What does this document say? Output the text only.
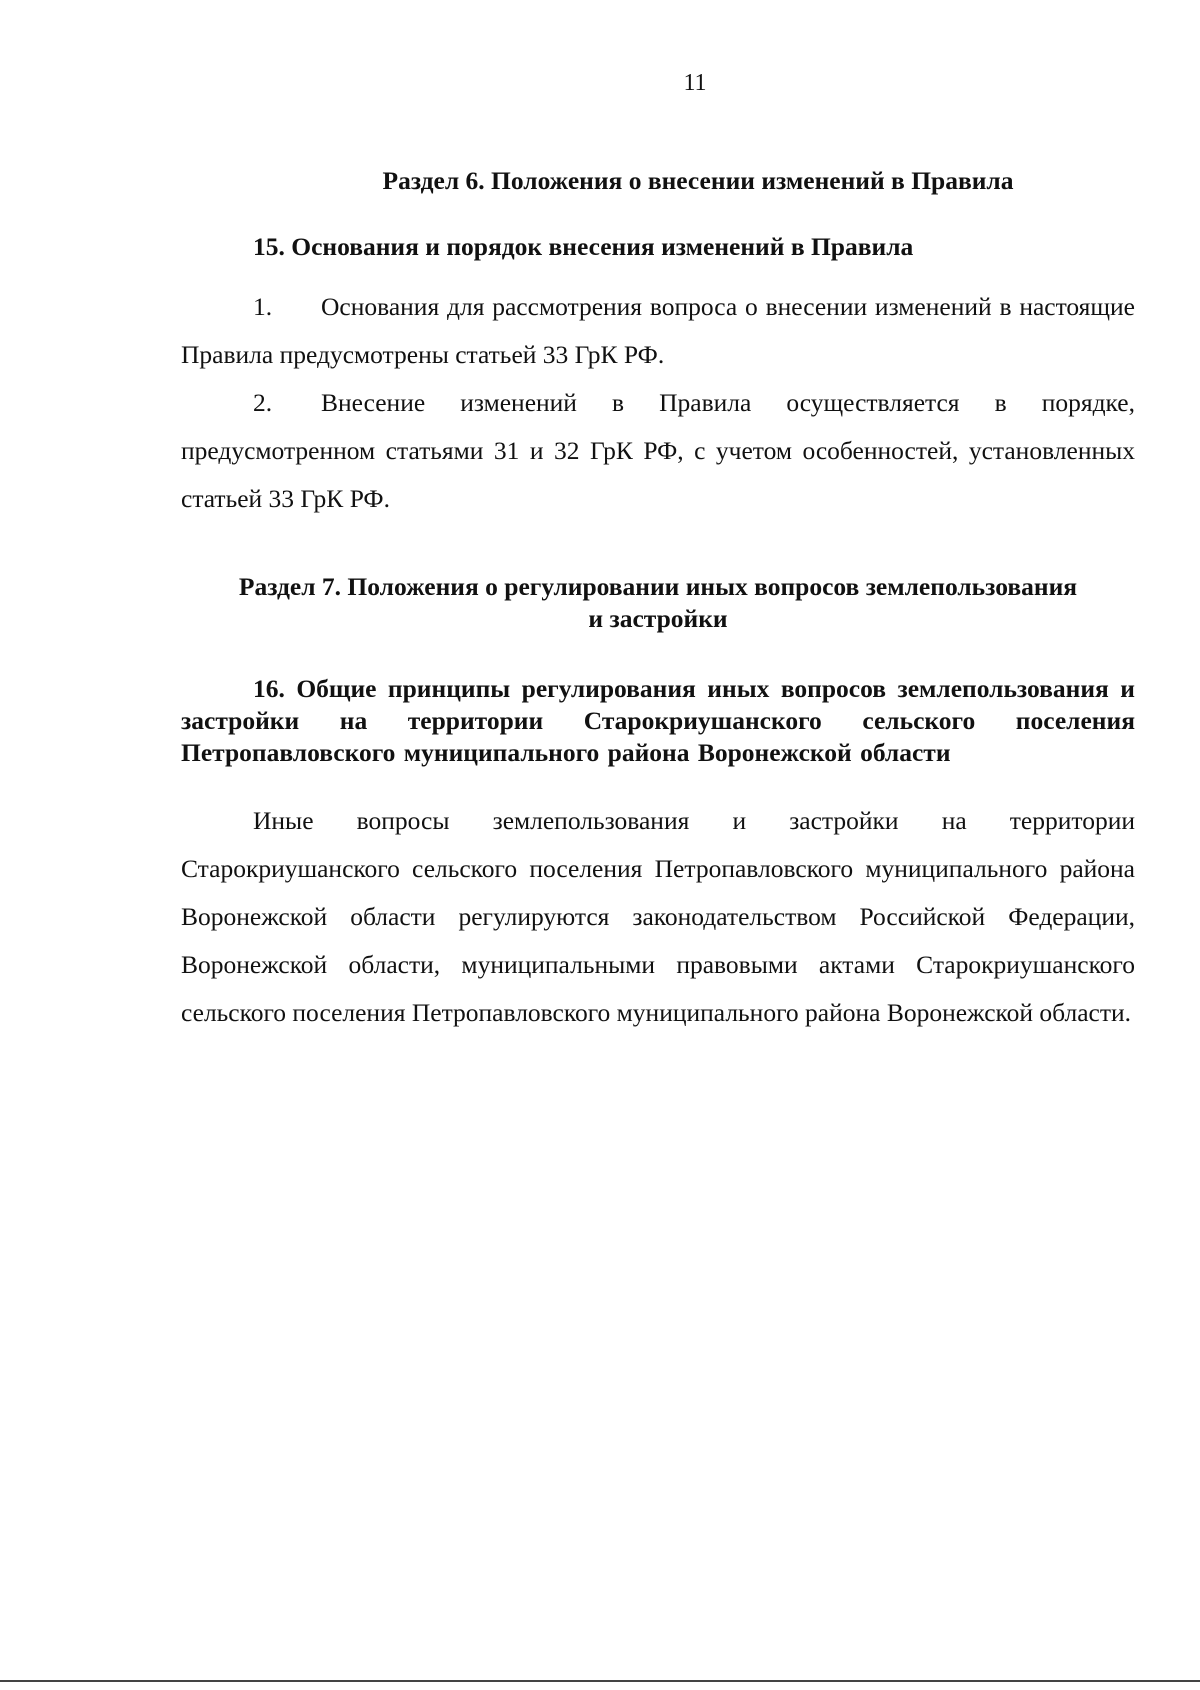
11

Раздел 6. Положения о внесении изменений в Правила

15. Основания и порядок внесения изменений в Правила

1. Основания для рассмотрения вопроса о внесении изменений в настоящие Правила предусмотрены статьей 33 ГрК РФ.

2. Внесение изменений в Правила осуществляется в порядке, предусмотренном статьями 31 и 32 ГрК РФ, с учетом особенностей, установленных статьей 33 ГрК РФ.

Раздел 7. Положения о регулировании иных вопросов землепользования
и застройки

16. Общие принципы регулирования иных вопросов землепользования и застройки на территории Старокриушанского сельского поселения Петропавловского муниципального района Воронежской области

Иные вопросы землепользования и застройки на территории Старокриушанского сельского поселения Петропавловского муниципального района Воронежской области регулируются законодательством Российской Федерации, Воронежской области, муниципальными правовыми актами Старокриушанского сельского поселения Петропавловского муниципального района Воронежской области.
